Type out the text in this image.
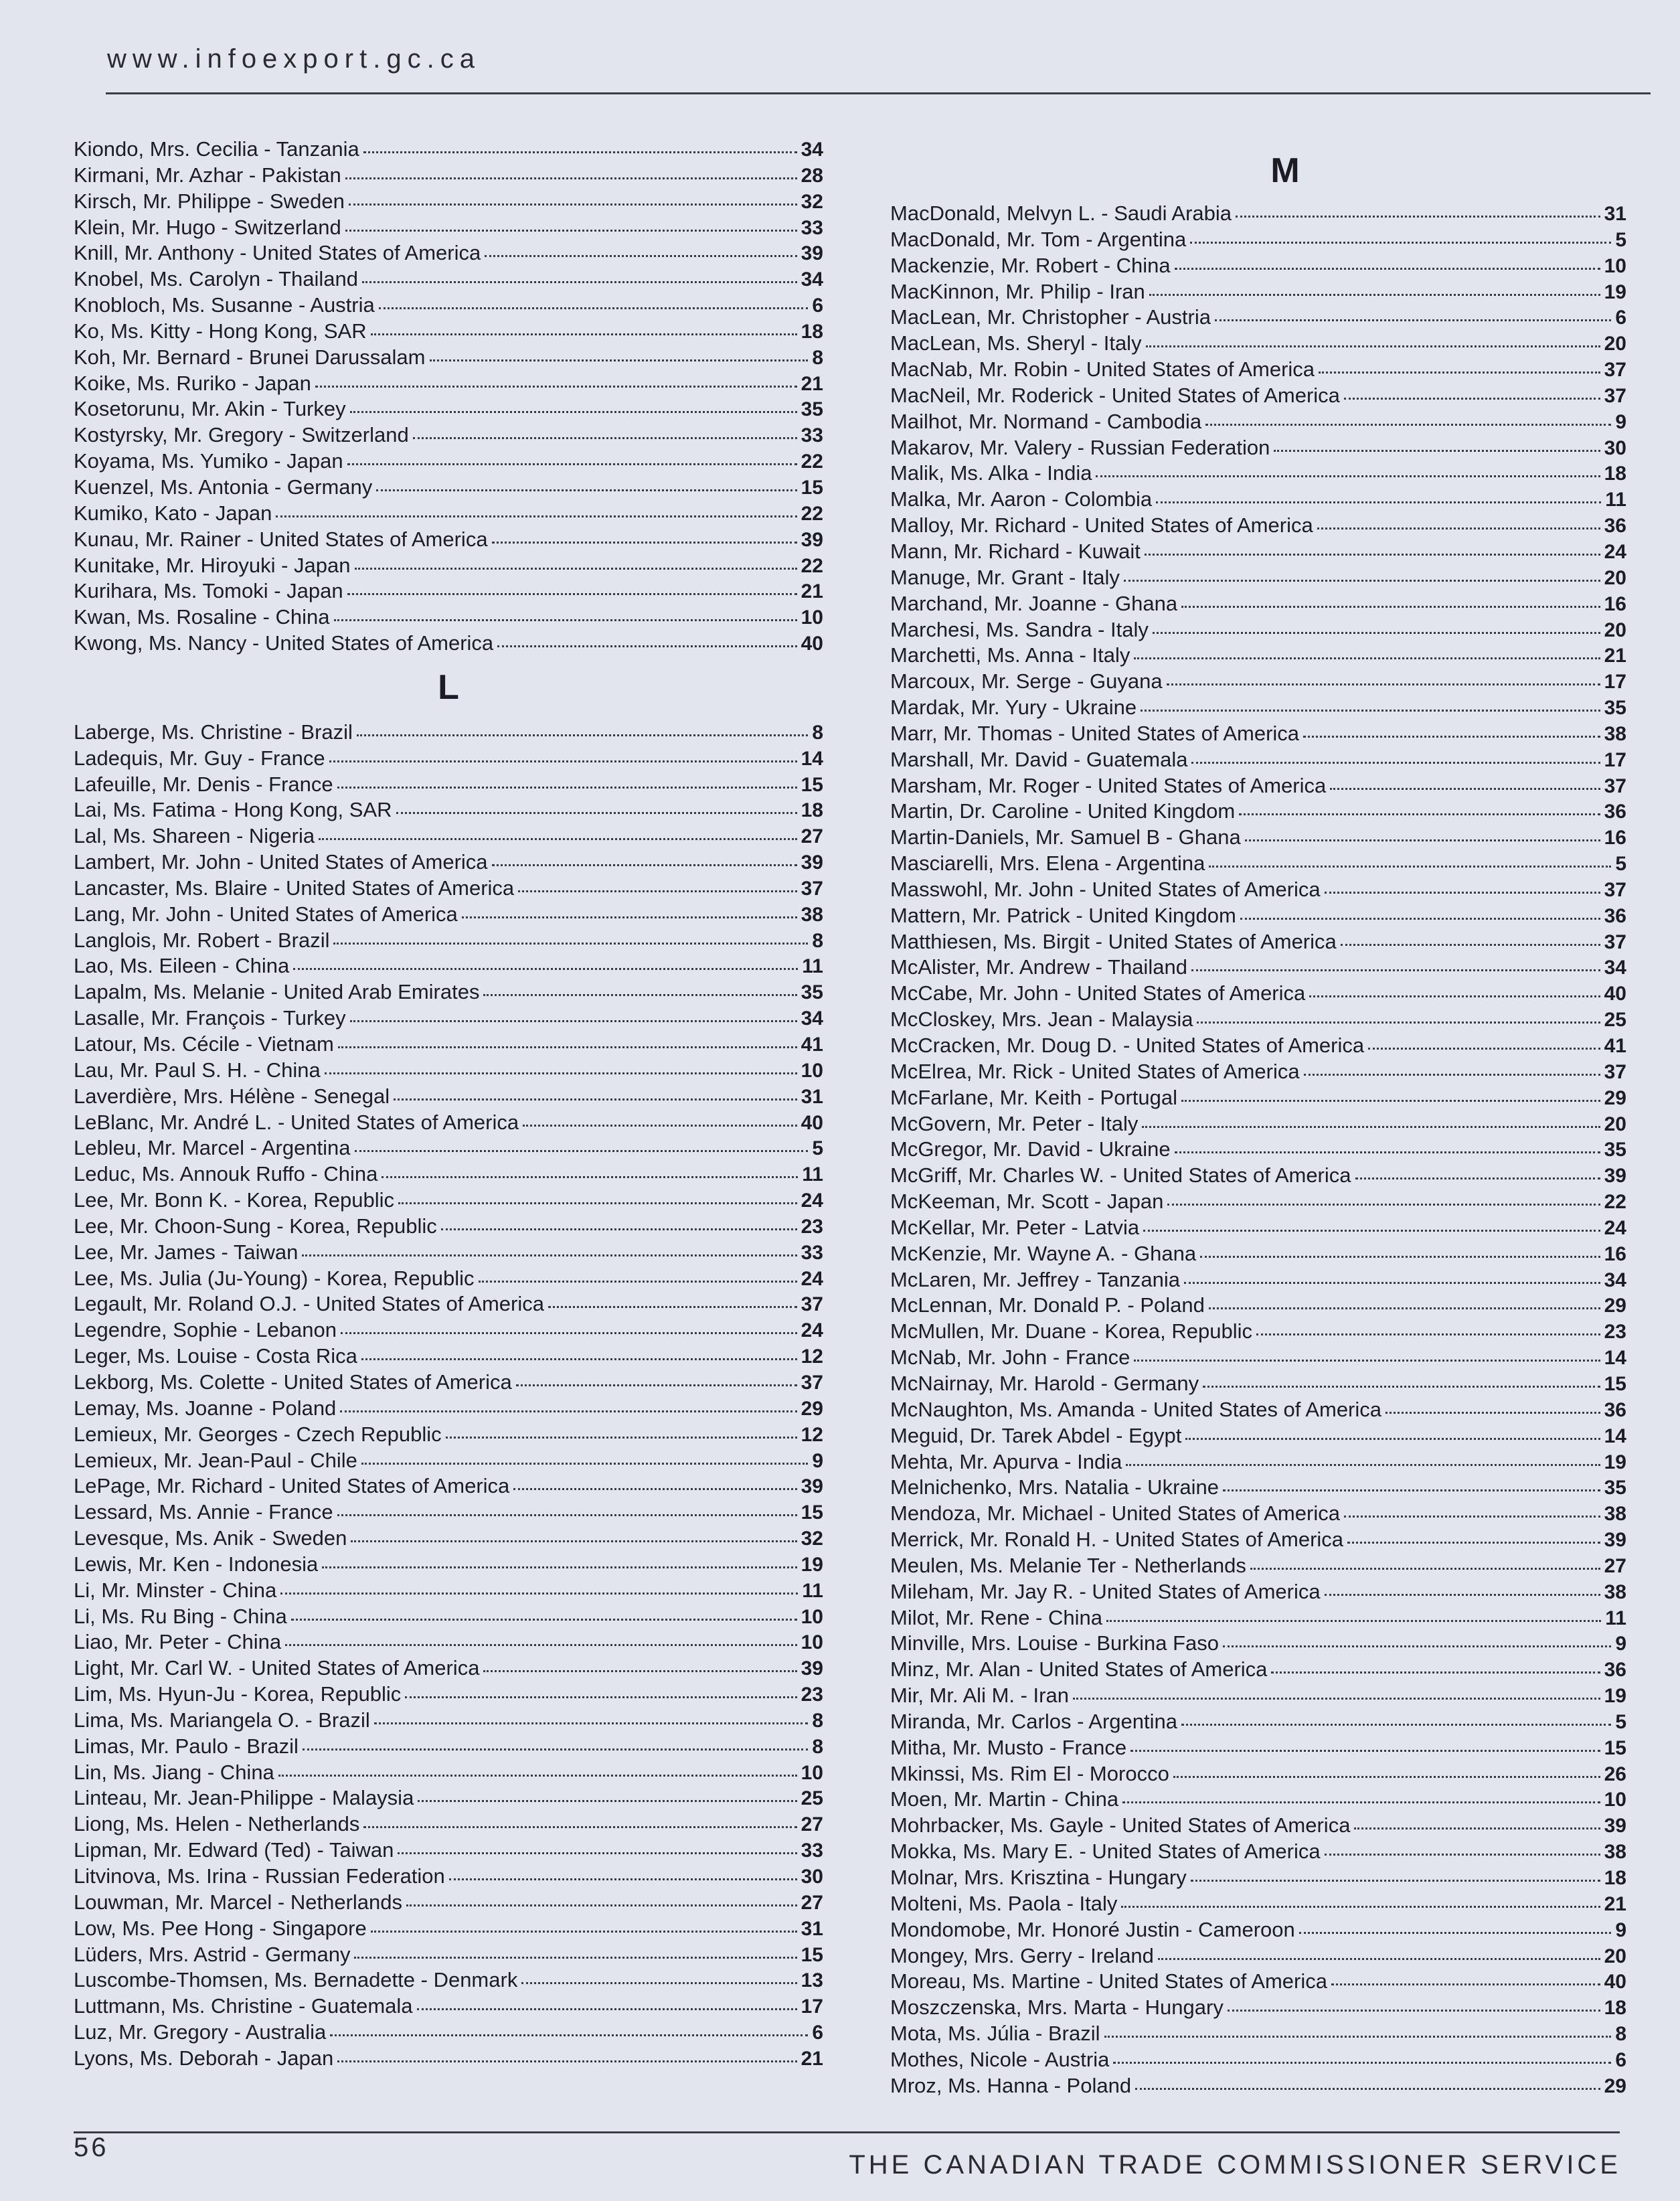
www.infoexport.gc.ca
Kiondo, Mrs. Cecilia - Tanzania	34
Kirmani, Mr. Azhar - Pakistan	28
Kirsch, Mr. Philippe - Sweden	32
Klein, Mr. Hugo - Switzerland	33
Knill, Mr. Anthony - United States of America	39
Knobel, Ms. Carolyn - Thailand	34
Knobloch, Ms. Susanne - Austria	6
Ko, Ms. Kitty - Hong Kong, SAR	18
Koh, Mr. Bernard - Brunei Darussalam	8
Koike, Ms. Ruriko - Japan	21
Kosetorunu, Mr. Akin - Turkey	35
Kostyrsky, Mr. Gregory - Switzerland	33
Koyama, Ms. Yumiko - Japan	22
Kuenzel, Ms. Antonia - Germany	15
Kumiko, Kato - Japan	22
Kunau, Mr. Rainer - United States of America	39
Kunitake, Mr. Hiroyuki - Japan	22
Kurihara, Ms. Tomoki - Japan	21
Kwan, Ms. Rosaline - China	10
Kwong, Ms. Nancy - United States of America	40
L
Laberge, Ms. Christine - Brazil	8
Ladequis, Mr. Guy - France	14
Lafeuille, Mr. Denis - France	15
Lai, Ms. Fatima - Hong Kong, SAR	18
Lal, Ms. Shareen - Nigeria	27
Lambert, Mr. John - United States of America	39
Lancaster, Ms. Blaire - United States of America	37
Lang, Mr. John - United States of America	38
Langlois, Mr. Robert - Brazil	8
Lao, Ms. Eileen - China	11
Lapalm, Ms. Melanie - United Arab Emirates	35
Lasalle, Mr. François - Turkey	34
Latour, Ms. Cécile - Vietnam	41
Lau, Mr. Paul S. H. - China	10
Laverdière, Mrs. Hélène - Senegal	31
LeBlanc, Mr. André L. - United States of America	40
Lebleu, Mr. Marcel - Argentina	5
Leduc, Ms. Annouk Ruffo - China	11
Lee, Mr. Bonn K. - Korea, Republic	24
Lee, Mr. Choon-Sung - Korea, Republic	23
Lee, Mr. James - Taiwan	33
Lee, Ms. Julia (Ju-Young) - Korea, Republic	24
Legault, Mr. Roland O.J. - United States of America	37
Legendre, Sophie - Lebanon	24
Leger, Ms. Louise - Costa Rica	12
Lekborg, Ms. Colette - United States of America	37
Lemay, Ms. Joanne - Poland	29
Lemieux, Mr. Georges - Czech Republic	12
Lemieux, Mr. Jean-Paul - Chile	9
LePage, Mr. Richard - United States of America	39
Lessard, Ms. Annie - France	15
Levesque, Ms. Anik - Sweden	32
Lewis, Mr. Ken - Indonesia	19
Li, Mr. Minster - China	11
Li, Ms. Ru Bing - China	10
Liao, Mr. Peter - China	10
Light, Mr. Carl W. - United States of America	39
Lim, Ms. Hyun-Ju - Korea, Republic	23
Lima, Ms. Mariangela O. - Brazil	8
Limas, Mr. Paulo - Brazil	8
Lin, Ms. Jiang - China	10
Linteau, Mr. Jean-Philippe - Malaysia	25
Liong, Ms. Helen - Netherlands	27
Lipman, Mr. Edward (Ted) - Taiwan	33
Litvinova, Ms. Irina - Russian Federation	30
Louwman, Mr. Marcel - Netherlands	27
Low, Ms. Pee Hong - Singapore	31
Lüders, Mrs. Astrid - Germany	15
Luscombe-Thomsen, Ms. Bernadette - Denmark	13
Luttmann, Ms. Christine - Guatemala	17
Luz, Mr. Gregory - Australia	6
Lyons, Ms. Deborah - Japan	21
M
MacDonald, Melvyn L. - Saudi Arabia	31
MacDonald, Mr. Tom - Argentina	5
Mackenzie, Mr. Robert - China	10
MacKinnon, Mr. Philip - Iran	19
MacLean, Mr. Christopher - Austria	6
MacLean, Ms. Sheryl - Italy	20
MacNab, Mr. Robin - United States of America	37
MacNeil, Mr. Roderick - United States of America	37
Mailhot, Mr. Normand - Cambodia	9
Makarov, Mr. Valery - Russian Federation	30
Malik, Ms. Alka - India	18
Malka, Mr. Aaron - Colombia	11
Malloy, Mr. Richard - United States of America	36
Mann, Mr. Richard - Kuwait	24
Manuge, Mr. Grant - Italy	20
Marchand, Mr. Joanne - Ghana	16
Marchesi, Ms. Sandra - Italy	20
Marchetti, Ms. Anna - Italy	21
Marcoux, Mr. Serge - Guyana	17
Mardak, Mr. Yury - Ukraine	35
Marr, Mr. Thomas - United States of America	38
Marshall, Mr. David - Guatemala	17
Marsham, Mr. Roger - United States of America	37
Martin, Dr. Caroline - United Kingdom	36
Martin-Daniels, Mr. Samuel B - Ghana	16
Masciarelli, Mrs. Elena - Argentina	5
Masswohl, Mr. John - United States of America	37
Mattern, Mr. Patrick - United Kingdom	36
Matthiesen, Ms. Birgit - United States of America	37
McAlister, Mr. Andrew - Thailand	34
McCabe, Mr. John - United States of America	40
McCloskey, Mrs. Jean - Malaysia	25
McCracken, Mr. Doug D. - United States of America	41
McElrea, Mr. Rick - United States of America	37
McFarlane, Mr. Keith - Portugal	29
McGovern, Mr. Peter - Italy	20
McGregor, Mr. David - Ukraine	35
McGriff, Mr. Charles W. - United States of America	39
McKeeman, Mr. Scott - Japan	22
McKellar, Mr. Peter - Latvia	24
McKenzie, Mr. Wayne A. - Ghana	16
McLaren, Mr. Jeffrey - Tanzania	34
McLennan, Mr. Donald P. - Poland	29
McMullen, Mr. Duane - Korea, Republic	23
McNab, Mr. John - France	14
McNairnay, Mr. Harold - Germany	15
McNaughton, Ms. Amanda - United States of America	36
Meguid, Dr. Tarek Abdel - Egypt	14
Mehta, Mr. Apurva - India	19
Melnichenko, Mrs. Natalia - Ukraine	35
Mendoza, Mr. Michael - United States of America	38
Merrick, Mr. Ronald H. - United States of America	39
Meulen, Ms. Melanie Ter - Netherlands	27
Mileham, Mr. Jay R. - United States of America	38
Milot, Mr. Rene - China	11
Minville, Mrs. Louise - Burkina Faso	9
Minz, Mr. Alan - United States of America	36
Mir, Mr. Ali M. - Iran	19
Miranda, Mr. Carlos - Argentina	5
Mitha, Mr. Musto - France	15
Mkinssi, Ms. Rim El - Morocco	26
Moen, Mr. Martin - China	10
Mohrbacker, Ms. Gayle - United States of America	39
Mokka, Ms. Mary E. - United States of America	38
Molnar, Mrs. Krisztina - Hungary	18
Molteni, Ms. Paola - Italy	21
Mondomobe, Mr. Honoré Justin - Cameroon	9
Mongey, Mrs. Gerry - Ireland	20
Moreau, Ms. Martine - United States of America	40
Moszczenska, Mrs. Marta - Hungary	18
Mota, Ms. Júlia - Brazil	8
Mothes, Nicole - Austria	6
Mroz, Ms. Hanna - Poland	29
56
THE CANADIAN TRADE COMMISSIONER SERVICE
